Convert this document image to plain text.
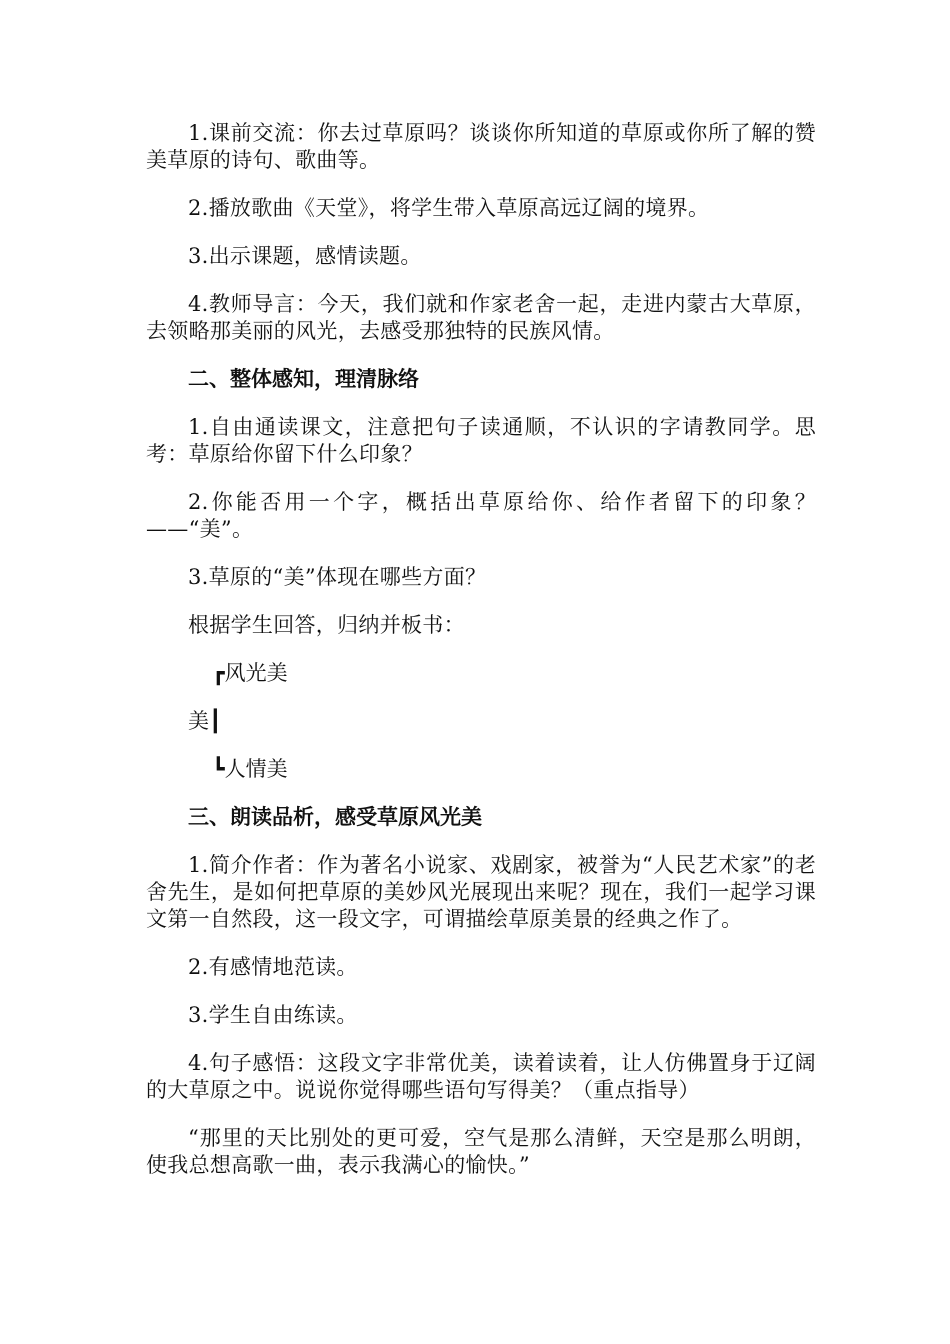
1.课前交流：你去过草原吗？谈谈你所知道的草原或你所了解的赞美草原的诗句、歌曲等。

2.播放歌曲《天堂》，将学生带入草原高远辽阔的境界。

3.出示课题，感情读题。

4.教师导言：今天，我们就和作家老舍一起，走进内蒙古大草原，去领略那美丽的风光，去感受那独特的民族风情。

二、整体感知，理清脉络

1.自由通读课文，注意把句子读通顺，不认识的字请教同学。思考：草原给你留下什么印象？

2.你能否用一个字，概括出草原给你、给作者留下的印象？——“美”。

3.草原的“美”体现在哪些方面？

根据学生回答，归纳并板书：

┏风光美
美┃
┗人情美

三、朗读品析，感受草原风光美

1.简介作者：作为著名小说家、戏剧家，被誉为“人民艺术家”的老舍先生，是如何把草原的美妙风光展现出来呢？现在，我们一起学习课文第一自然段，这一段文字，可谓描绘草原美景的经典之作了。

2.有感情地范读。

3.学生自由练读。

4.句子感悟：这段文字非常优美，读着读着，让人仿佛置身于辽阔的大草原之中。说说你觉得哪些语句写得美？（重点指导）

“那里的天比别处的更可爱，空气是那么清鲜，天空是那么明朗，使我总想高歌一曲，表示我满心的愉快。”
